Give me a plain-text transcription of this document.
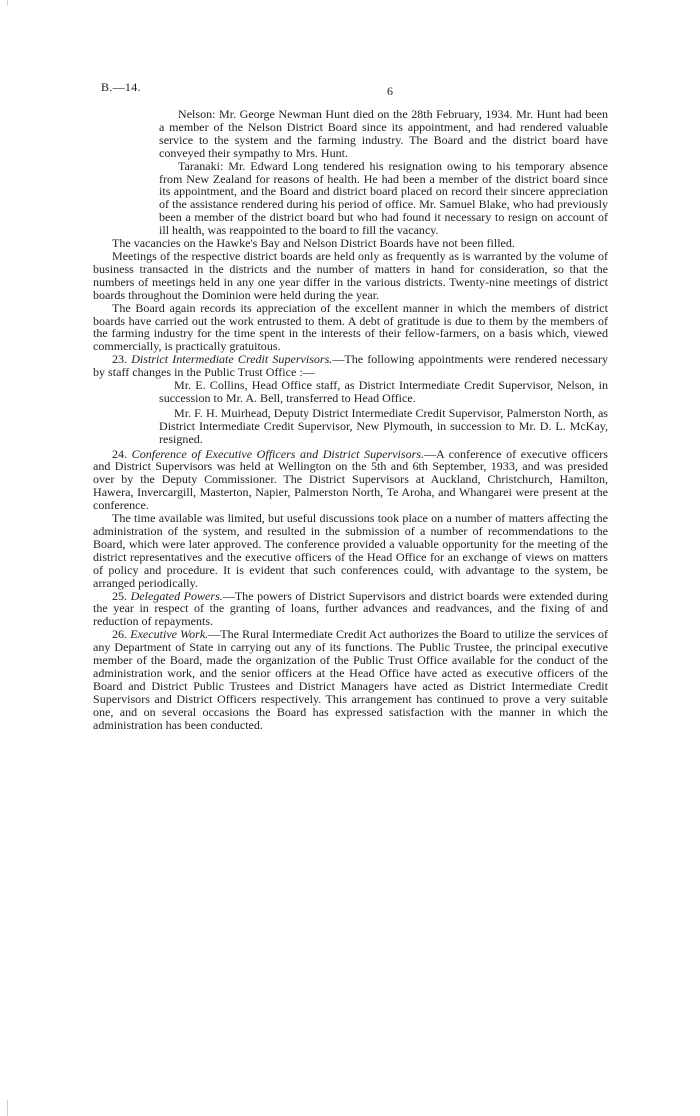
B.—14.	6

Nelson: Mr. George Newman Hunt died on the 28th February, 1934. Mr. Hunt had been a member of the Nelson District Board since its appointment, and had rendered valuable service to the system and the farming industry. The Board and the district board have conveyed their sympathy to Mrs. Hunt.

Taranaki: Mr. Edward Long tendered his resignation owing to his temporary absence from New Zealand for reasons of health. He had been a member of the district board since its appointment, and the Board and district board placed on record their sincere appreciation of the assistance rendered during his period of office. Mr. Samuel Blake, who had previously been a member of the district board but who had found it necessary to resign on account of ill health, was reappointed to the board to fill the vacancy.

The vacancies on the Hawke's Bay and Nelson District Boards have not been filled.

Meetings of the respective district boards are held only as frequently as is warranted by the volume of business transacted in the districts and the number of matters in hand for consideration, so that the numbers of meetings held in any one year differ in the various districts. Twenty-nine meetings of district boards throughout the Dominion were held during the year.

The Board again records its appreciation of the excellent manner in which the members of district boards have carried out the work entrusted to them. A debt of gratitude is due to them by the members of the farming industry for the time spent in the interests of their fellow-farmers, on a basis which, viewed commercially, is practically gratuitous.

23. District Intermediate Credit Supervisors.—The following appointments were rendered necessary by staff changes in the Public Trust Office :—

Mr. E. Collins, Head Office staff, as District Intermediate Credit Supervisor, Nelson, in succession to Mr. A. Bell, transferred to Head Office.

Mr. F. H. Muirhead, Deputy District Intermediate Credit Supervisor, Palmerston North, as District Intermediate Credit Supervisor, New Plymouth, in succession to Mr. D. L. McKay, resigned.

24. Conference of Executive Officers and District Supervisors.—A conference of executive officers and District Supervisors was held at Wellington on the 5th and 6th September, 1933, and was presided over by the Deputy Commissioner. The District Supervisors at Auckland, Christchurch, Hamilton, Hawera, Invercargill, Masterton, Napier, Palmerston North, Te Aroha, and Whangarei were present at the conference.

The time available was limited, but useful discussions took place on a number of matters affecting the administration of the system, and resulted in the submission of a number of recommendations to the Board, which were later approved. The conference provided a valuable opportunity for the meeting of the district representatives and the executive officers of the Head Office for an exchange of views on matters of policy and procedure. It is evident that such conferences could, with advantage to the system, be arranged periodically.

25. Delegated Powers.—The powers of District Supervisors and district boards were extended during the year in respect of the granting of loans, further advances and readvances, and the fixing of and reduction of repayments.

26. Executive Work.—The Rural Intermediate Credit Act authorizes the Board to utilize the services of any Department of State in carrying out any of its functions. The Public Trustee, the principal executive member of the Board, made the organization of the Public Trust Office available for the conduct of the administration work, and the senior officers at the Head Office have acted as executive officers of the Board and District Public Trustees and District Managers have acted as District Intermediate Credit Supervisors and District Officers respectively. This arrangement has continued to prove a very suitable one, and on several occasions the Board has expressed satisfaction with the manner in which the administration has been conducted.
